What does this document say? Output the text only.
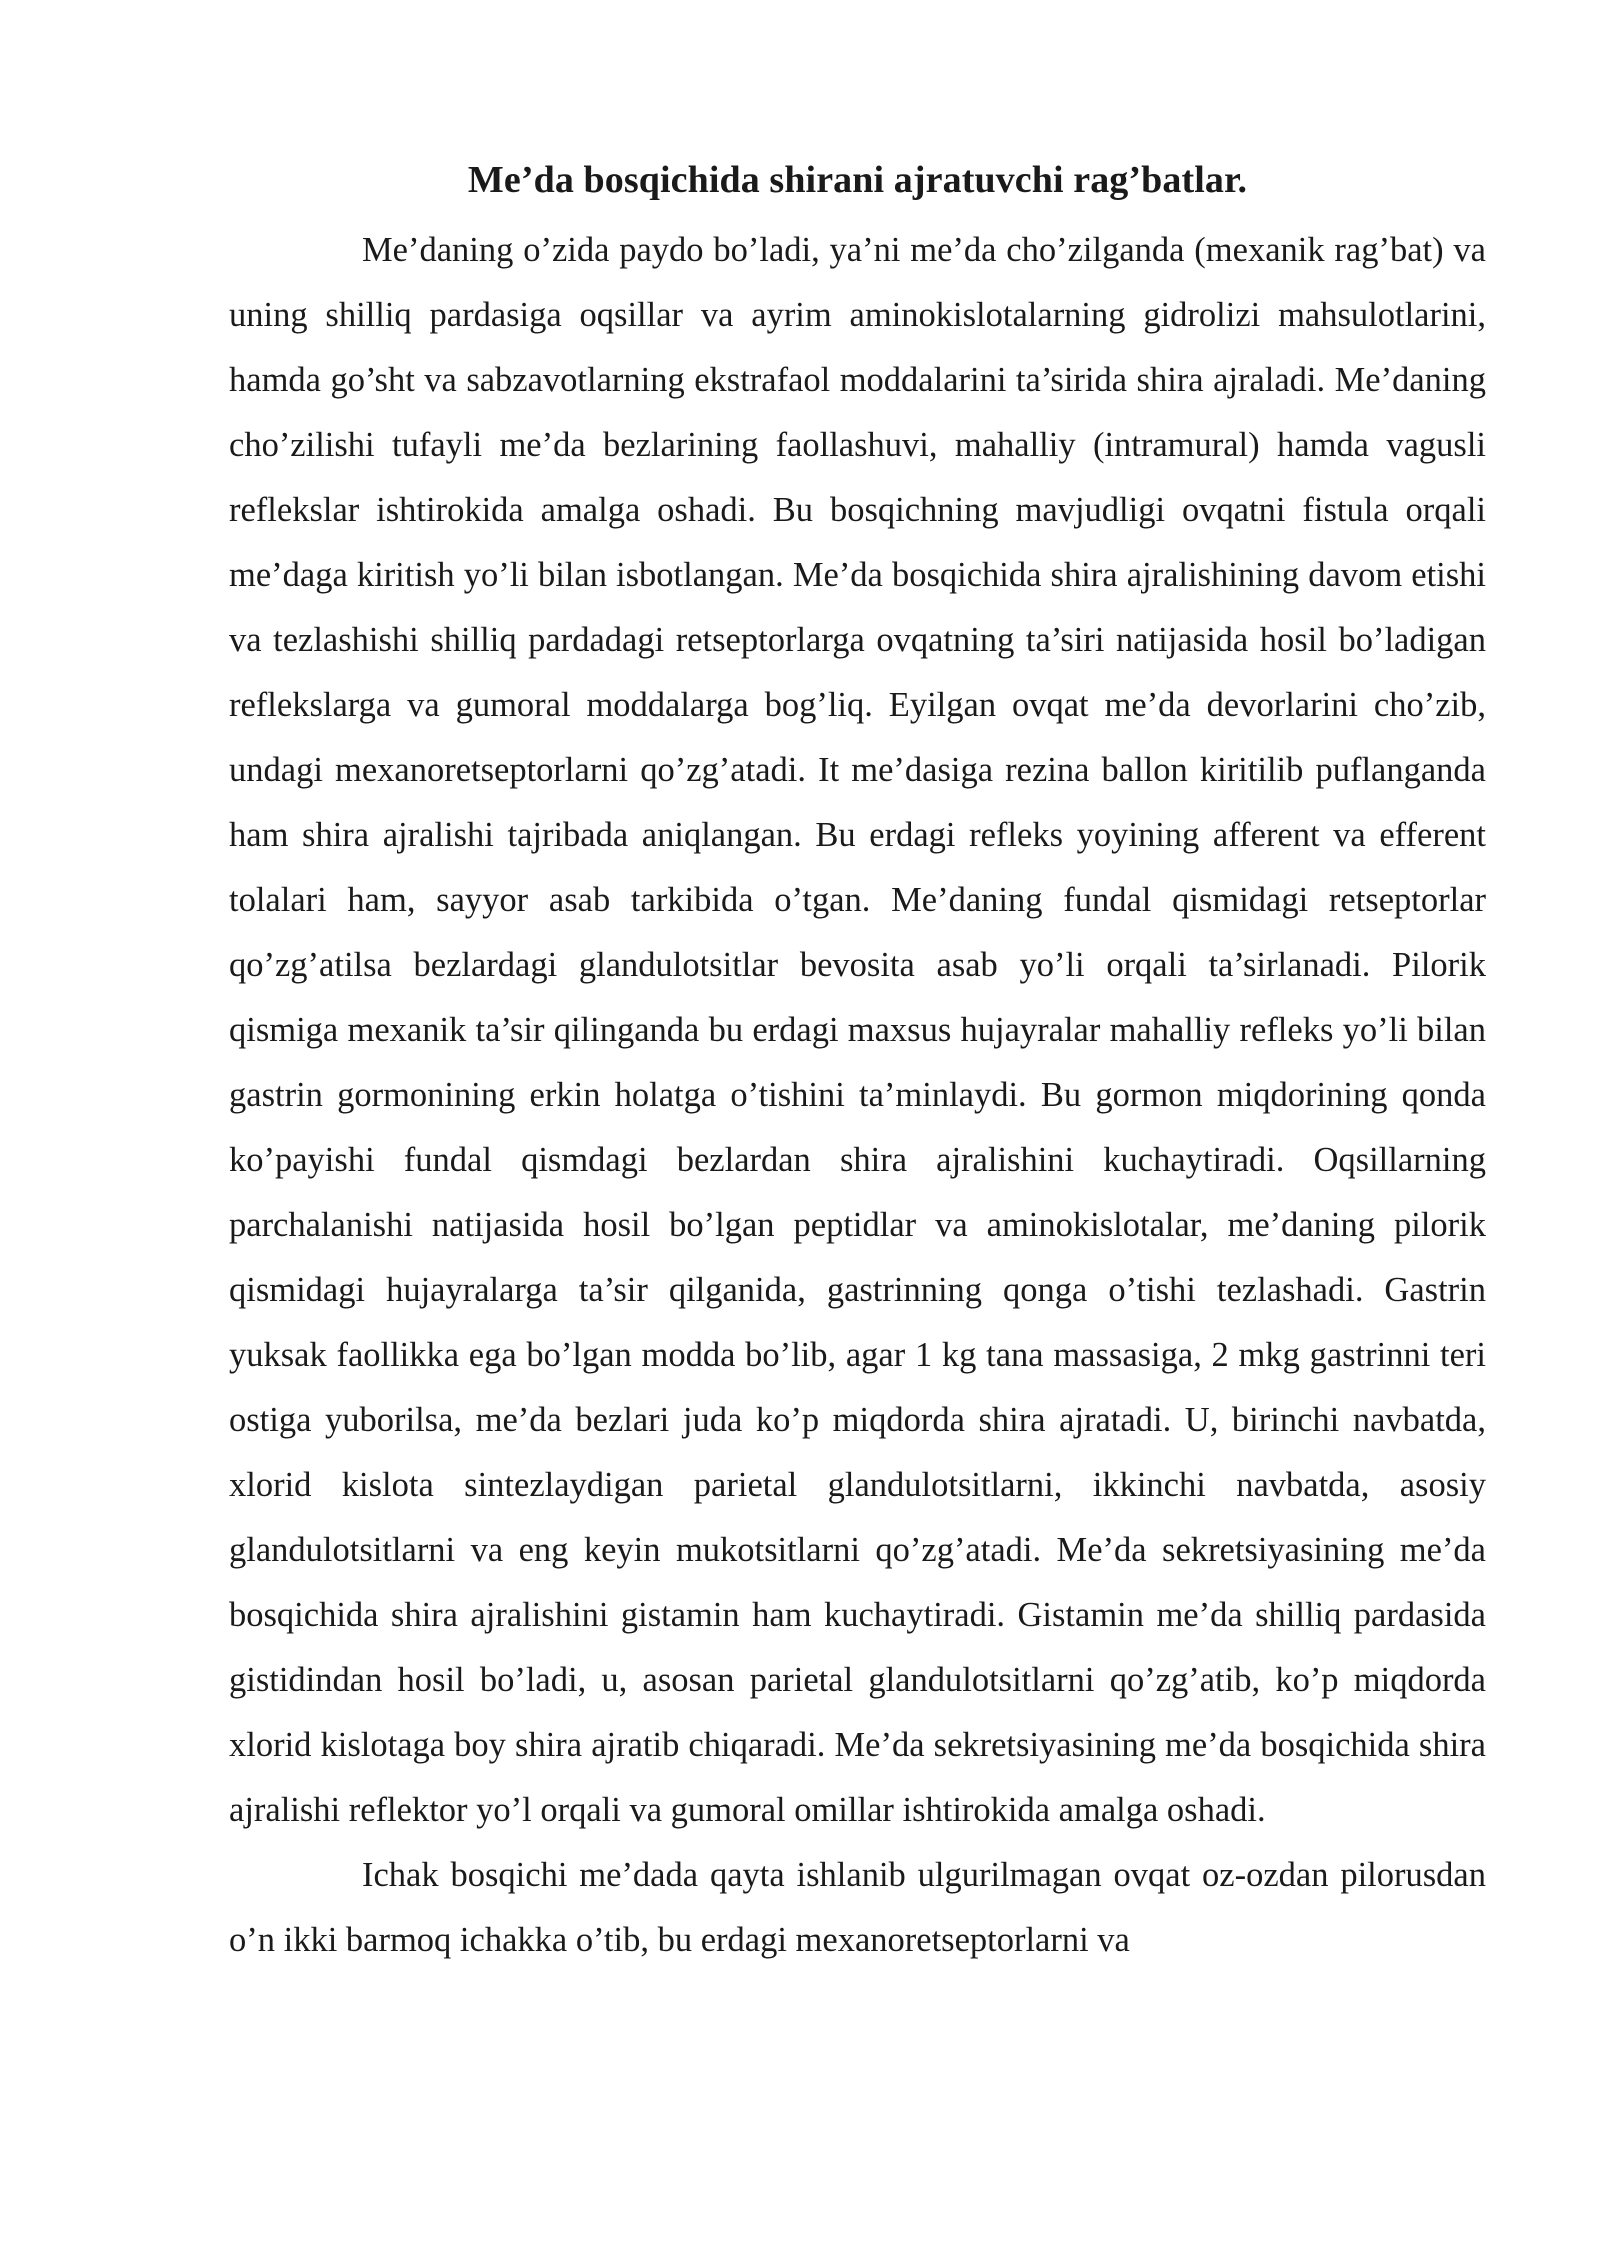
Me’da bosqichida shirani ajratuvchi rag’batlar.

Me’daning o’zida paydo bo’ladi, ya’ni me’da cho’zilganda (mexanik rag’bat) va uning shilliq pardasiga oqsillar va ayrim aminokislotalarning gidrolizi mahsulotlarini, hamda go’sht va sabzavotlarning ekstrafaol moddalarini ta’sirida shira ajraladi. Me’daning cho’zilishi tufayli me’da bezlarining faollashuvi, mahalliy (intramural) hamda vagusli reflekslar ishtirokida amalga oshadi. Bu bosqichning mavjudligi ovqatni fistula orqali me’daga kiritish yo’li bilan isbotlangan. Me’da bosqichida shira ajralishining davom etishi va tezlashishi shilliq pardadagi retseptorlarga ovqatning ta’siri natijasida hosil bo’ladigan reflekslarga va gumoral moddalarga bog’liq. Eyilgan ovqat me’da devorlarini cho’zib, undagi mexanoretseptorlarni qo’zg’atadi. It me’dasiga rezina ballon kiritilib puflanganda ham shira ajralishi tajribada aniqlangan. Bu erdagi refleks yoyining afferent va efferent tolalari ham, sayyor asab tarkibida o’tgan. Me’daning fundal qismidagi retseptorlar qo’zg’atilsa bezlardagi glandulotsitlar bevosita asab yo’li orqali ta’sirlanadi. Pilorik qismiga mexanik ta’sir qilinganda bu erdagi maxsus hujayralar mahalliy refleks yo’li bilan gastrin gormonining erkin holatga o’tishini ta’minlaydi. Bu gormon miqdorining qonda ko’payishi fundal qismdagi bezlardan shira ajralishini kuchaytiradi. Oqsillarning parchalanishi natijasida hosil bo’lgan peptidlar va aminokislotalar, me’daning pilorik qismidagi hujayralarga ta’sir qilganida, gastrinning qonga o’tishi tezlashadi. Gastrin yuksak faollikka ega bo’lgan modda bo’lib, agar 1 kg tana massasiga, 2 mkg gastrinni teri ostiga yuborilsa, me’da bezlari juda ko’p miqdorda shira ajratadi. U, birinchi navbatda, xlorid kislota sintezlaydigan parietal glandulotsitlarni, ikkinchi navbatda, asosiy glandulotsitlarni va eng keyin mukotsitlarni qo’zg’atadi. Me’da sekretsiyasining me’da bosqichida shira ajralishini gistamin ham kuchaytiradi. Gistamin me’da shilliq pardasida gistidindan hosil bo’ladi, u, asosan parietal glandulotsitlarni qo’zg’atib, ko’p miqdorda xlorid kislotaga boy shira ajratib chiqaradi. Me’da sekretsiyasining me’da bosqichida shira ajralishi reflektor yo’l orqali va gumoral omillar ishtirokida amalga oshadi.

Ichak bosqichi me’dada qayta ishlanib ulgurilmagan ovqat oz-ozdan pilorusdan o’n ikki barmoq ichakka o’tib, bu erdagi mexanoretseptorlarni va
